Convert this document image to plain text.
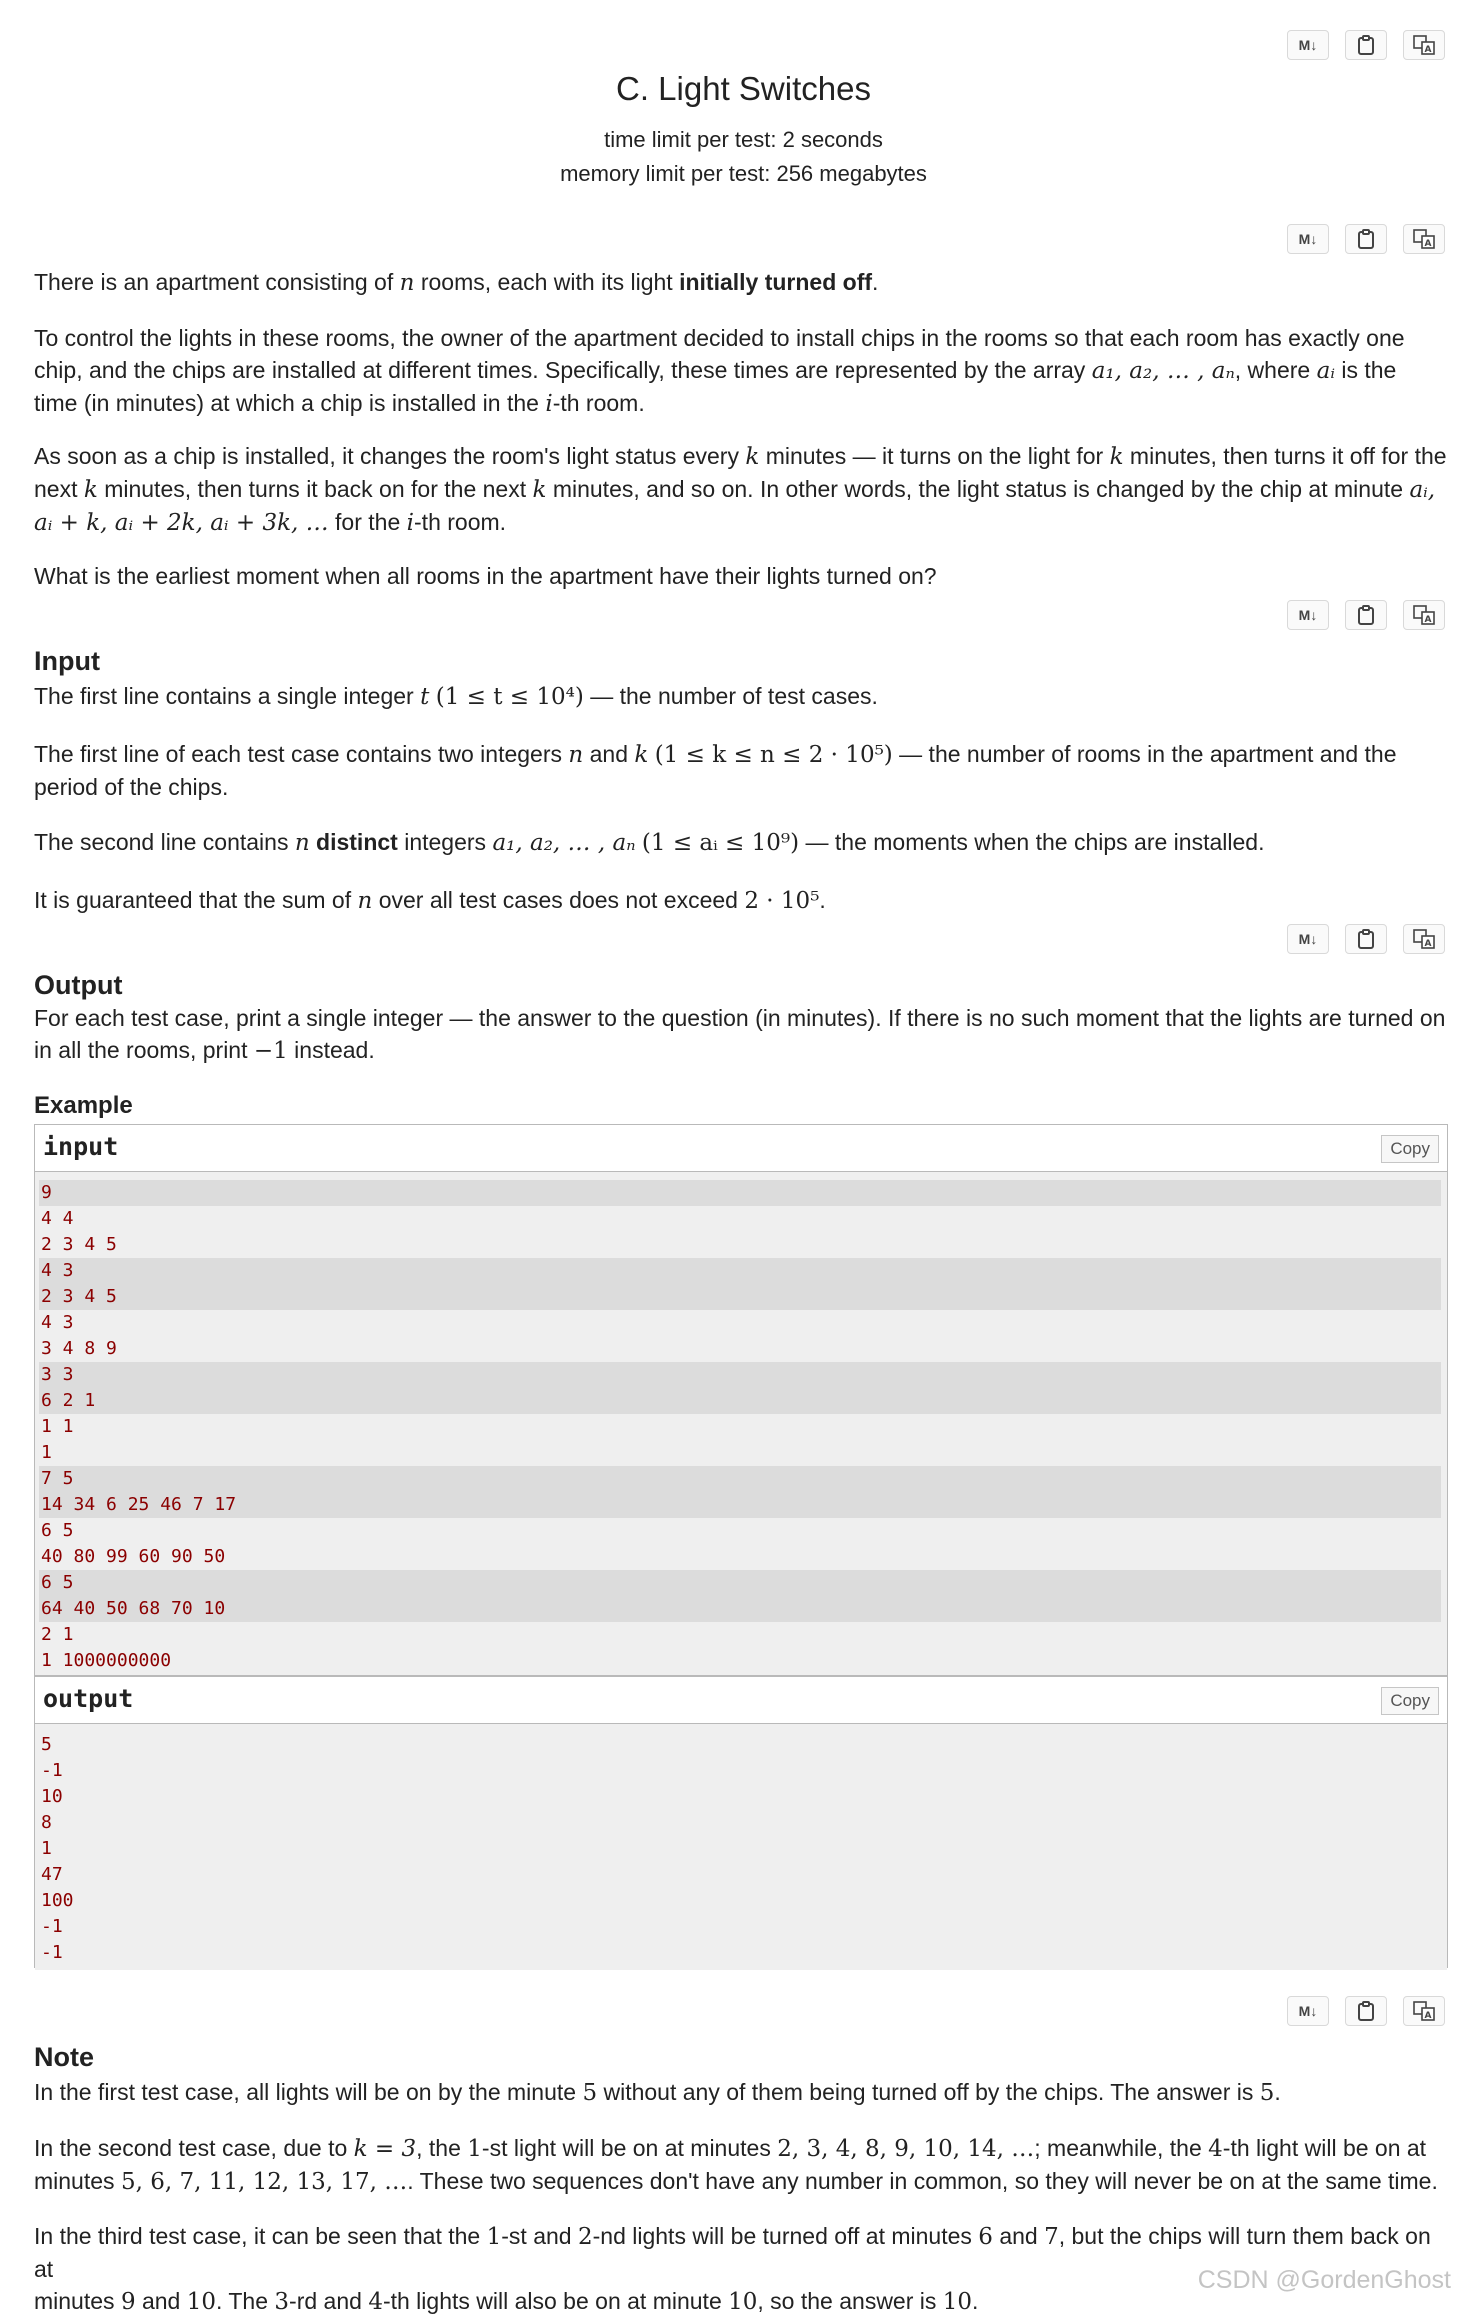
M↓	A
C. Light Switches
time limit per test: 2 seconds
memory limit per test: 256 megabytes
M↓	A
There is an apartment consisting of n rooms, each with its light initially turned off.
To control the lights in these rooms, the owner of the apartment decided to install chips in the rooms so that each room has exactly one
chip, and the chips are installed at different times. Specifically, these times are represented by the array a₁, a₂, … , aₙ, where aᵢ is the
time (in minutes) at which a chip is installed in the i-th room.
As soon as a chip is installed, it changes the room's light status every k minutes — it turns on the light for k minutes, then turns it off for the
next k minutes, then turns it back on for the next k minutes, and so on. In other words, the light status is changed by the chip at minute aᵢ,
aᵢ + k, aᵢ + 2k, aᵢ + 3k, … for the i-th room.
What is the earliest moment when all rooms in the apartment have their lights turned on?
M↓	A
Input
The first line contains a single integer t (1 ≤ t ≤ 10⁴) — the number of test cases.
The first line of each test case contains two integers n and k (1 ≤ k ≤ n ≤ 2 · 10⁵) — the number of rooms in the apartment and the
period of the chips.
The second line contains n distinct integers a₁, a₂, … , aₙ (1 ≤ aᵢ ≤ 10⁹) — the moments when the chips are installed.
It is guaranteed that the sum of n over all test cases does not exceed 2 · 10⁵.
M↓	A
Output
For each test case, print a single integer — the answer to the question (in minutes). If there is no such moment that the lights are turned on
in all the rooms, print −1 instead.
Example
input	Copy
9
4 4
2 3 4 5
4 3
2 3 4 5
4 3
3 4 8 9
3 3
6 2 1
1 1
1
7 5
14 34 6 25 46 7 17
6 5
40 80 99 60 90 50
6 5
64 40 50 68 70 10
2 1
1 1000000000
output	Copy
5
-1
10
8
1
47
100
-1
-1
M↓	A
Note
In the first test case, all lights will be on by the minute 5 without any of them being turned off by the chips. The answer is 5.
In the second test case, due to k = 3, the 1-st light will be on at minutes 2, 3, 4, 8, 9, 10, 14, …; meanwhile, the 4-th light will be on at
minutes 5, 6, 7, 11, 12, 13, 17, …. These two sequences don't have any number in common, so they will never be on at the same time.
In the third test case, it can be seen that the 1-st and 2-nd lights will be turned off at minutes 6 and 7, but the chips will turn them back on at
minutes 9 and 10. The 3-rd and 4-th lights will also be on at minute 10, so the answer is 10.
CSDN @GordenGhost
